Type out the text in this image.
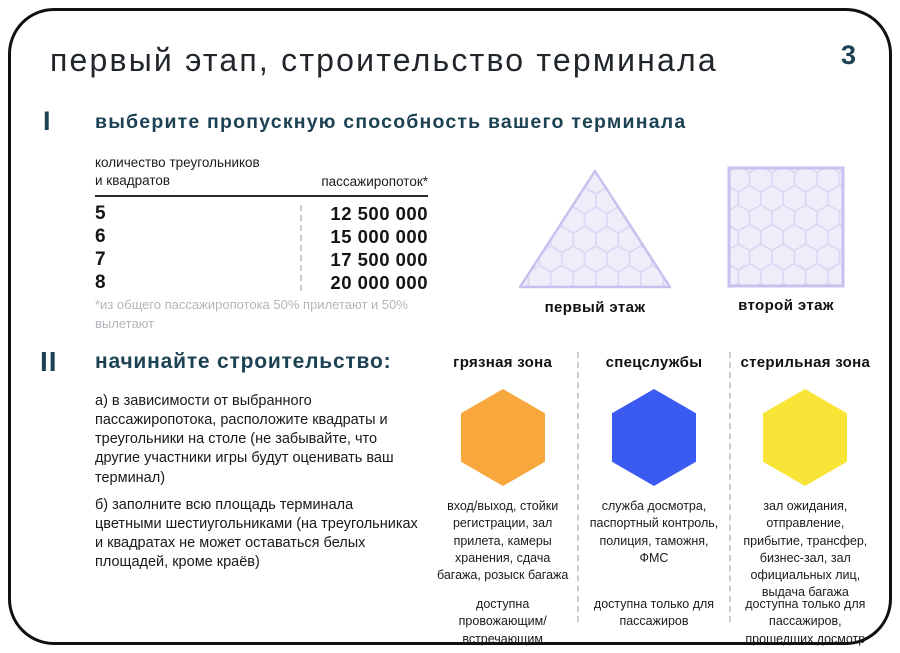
первый этап, строительство терминала	3
I выберите пропускную способность вашего терминала
количество треугольников
и квадратов	пассажиропоток*
5	12 500 000
6	15 000 000
7	17 500 000
8	20 000 000
*из общего пассажиропотока 50% прилетают и 50% вылетают
первый этаж	второй этаж
II начинайте строительство:
а) в зависимости от выбранного пассажиропотока, расположите квадраты и треугольники на столе (не забывайте, что другие участники игры будут оценивать ваш терминал)
б) заполните всю площадь терминала цветными шестиугольниками (на треугольниках и квадратах не может оставаться белых площадей, кроме краёв)
грязная зона
вход/выход, стойки регистрации, зал прилета, камеры хранения, сдача багажа, розыск багажа
доступна провожающим/ встречающим
спецслужбы
служба досмотра, паспортный контроль, полиция, таможня, ФМС
доступна только для пассажиров
стерильная зона
зал ожидания, отправление, прибытие, трансфер, бизнес-зал, зал официальных лиц, выдача багажа
доступна только для пассажиров, прошедших досмотр
